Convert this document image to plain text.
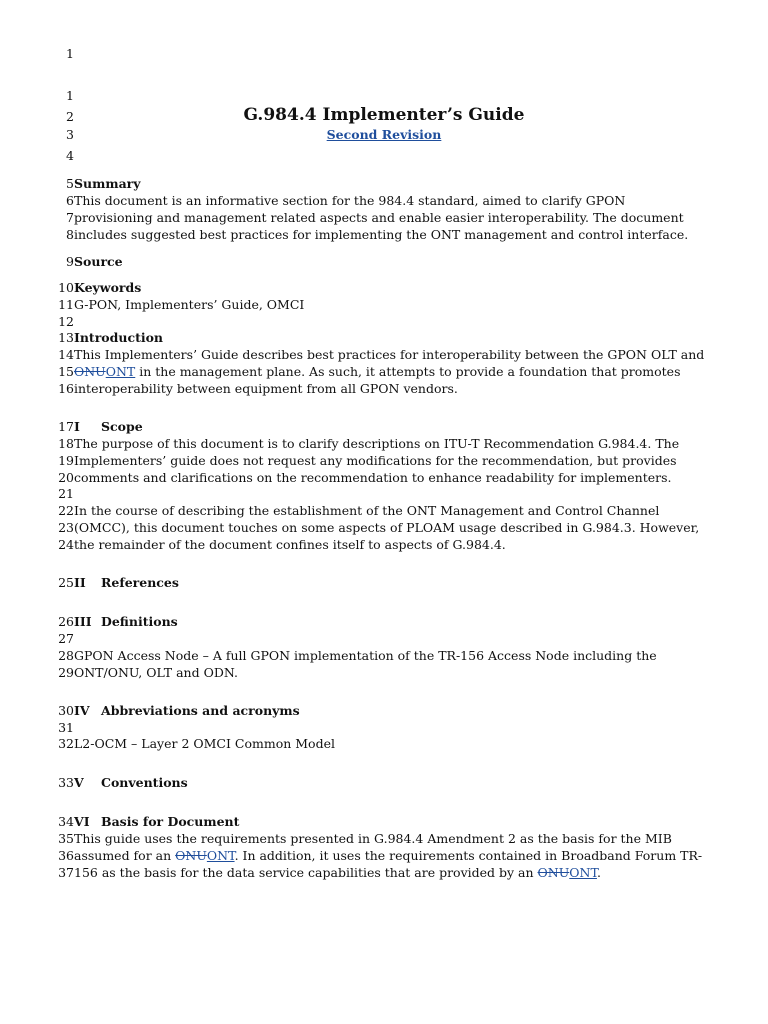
1
1
2	G.984.4 Implementer’s Guide
3	Second Revision
4
5Summary
6This document is an informative section for the 984.4 standard, aimed to clarify GPON
7provisioning and management related aspects and enable easier interoperability. The document
8includes suggested best practices for implementing the ONT management and control interface.
9Source
10Keywords
11G-PON, Implementers’ Guide, OMCI
12
13Introduction
14This Implementers’ Guide describes best practices for interoperability between the GPON OLT and
15ONUONT in the management plane. As such, it attempts to provide a foundation that promotes
16interoperability between equipment from all GPON vendors.
17I Scope
18The purpose of this document is to clarify descriptions on ITU-T Recommendation G.984.4. The
19Implementers’ guide does not request any modifications for the recommendation, but provides
20comments and clarifications on the recommendation to enhance readability for implementers.
21
22In the course of describing the establishment of the ONT Management and Control Channel
23(OMCC), this document touches on some aspects of PLOAM usage described in G.984.3. However,
24the remainder of the document confines itself to aspects of G.984.4.
25II References
26III Definitions
27
28GPON Access Node – A full GPON implementation of the TR-156 Access Node including the
29ONT/ONU, OLT and ODN.
30IV Abbreviations and acronyms
31
32L2-OCM – Layer 2 OMCI Common Model
33V Conventions
34VI Basis for Document
35This guide uses the requirements presented in G.984.4 Amendment 2 as the basis for the MIB
36assumed for an ONUONT. In addition, it uses the requirements contained in Broadband Forum TR-
37156 as the basis for the data service capabilities that are provided by an ONUONT.
